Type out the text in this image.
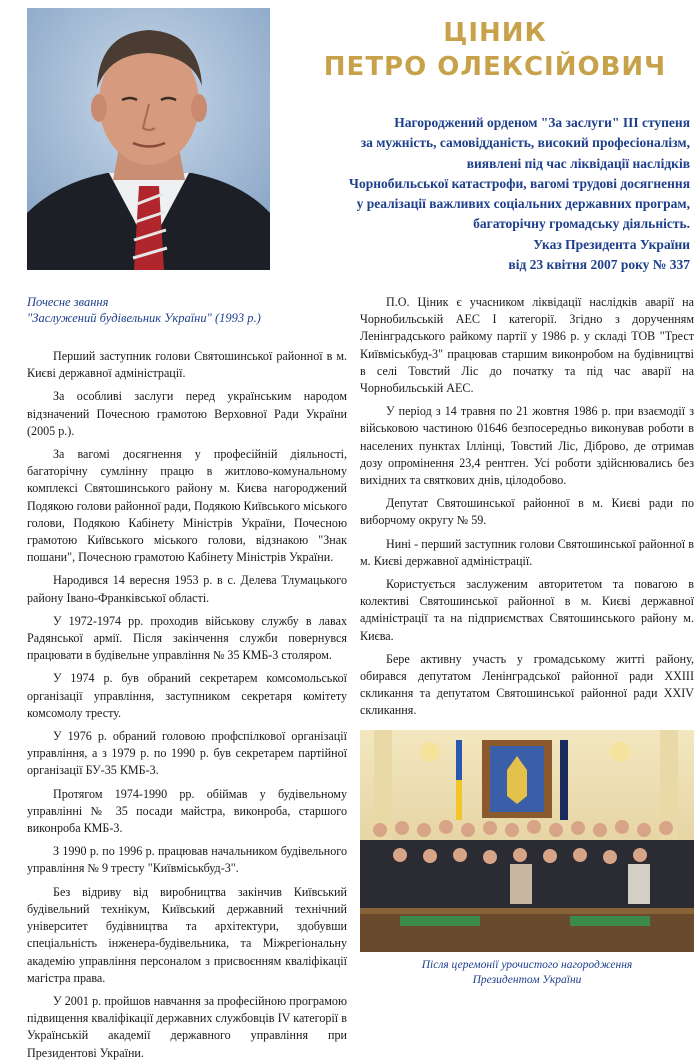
ЦІНИК
ПЕТРО ОЛЕКСІЙОВИЧ
Нагороджений орденом "За заслуги" III ступеня
за мужність, самовідданість, високий професіоналізм,
виявлені під час ліквідації наслідків
Чорнобильської катастрофи, вагомі трудові досягнення
у реалізації важливих соціальних державних програм,
багаторічну громадську діяльність.
Указ Президента України
від 23 квітня 2007 року № 337
Почесне звання
"Заслужений будівельник України" (1993 р.)

Перший заступник голови Святошинської районної в м. Києві державної адміністрації.

За особливі заслуги перед українським народом відзначений Почесною грамотою Верховної Ради України (2005 р.).

За вагомі досягнення у професійній діяльності, багаторічну сумлінну працю в житлово-комунальному комплексі Святошинського району м. Києва нагороджений Подякою голови районної ради, Подякою Київського міського голови, Подякою Кабінету Міністрів України, Почесною грамотою Київського міського голови, відзнакою "Знак пошани", Почесною грамотою Кабінету Міністрів України.

Народився 14 вересня 1953 р. в с. Делева Тлумацького району Івано-Франківської області.

У 1972-1974 рр. проходив військову службу в лавах Радянської армії. Після закінчення служби повернувся працювати в будівельне управління № 35 КМБ-3 столяром.

У 1974 р. був обраний секретарем комсомольської організації управління, заступником секретаря комітету комсомолу тресту.

У 1976 р. обраний головою профспілкової організації управління, а з 1979 р. по 1990 р. був секретарем партійної організації БУ-35 КМБ-3.

Протягом 1974-1990 рр. обіймав у будівельному управлінні № 35 посади майстра, виконроба, старшого виконроба КМБ-3.

З 1990 р. по 1996 р. працював начальником будівельного управління № 9 тресту "Київміськбуд-3".

Без відриву від виробництва закінчив Київський будівельний технікум, Київський державний технічний університет будівництва та архітектури, здобувши спеціальність інженера-будівельника, та Міжрегіональну академію управління персоналом з присвоєнням кваліфікації магістра права.

У 2001 р. пройшов навчання за професійною програмою підвищення кваліфікації державних службовців IV категорії в Українській академії державного управління при Президентові України.

П.О. Ціник є учасником ліквідації наслідків аварії на Чорнобильській АЕС І категорії. Згідно з дорученням Ленінградського райкому партії у 1986 р. у складі ТОВ "Трест Київміськбуд-3" працював старшим виконробом на будівництві в селі Товстий Ліс до початку та під час аварії на Чорнобильській АЕС.

У період з 14 травня по 21 жовтня 1986 р. при взаємодії з військовою частиною 01646 безпосередньо виконував роботи в населених пунктах Іллінці, Товстий Ліс, Діброво, де отримав дозу опромінення 23,4 рентген. Усі роботи здійснювались без вихідних та святкових днів, цілодобово.

Депутат Святошинської районної в м. Києві ради по виборчому округу № 59.

Нині - перший заступник голови Святошинської районної в м. Києві державної адміністрації.

Користується заслуженим авторитетом та повагою в колективі Святошинської районної в м. Києві державної адміністрації та на підприємствах Святошинського району м. Києва.

Бере активну участь у громадському житті району, обирався депутатом Ленінградської районної ради XXIII скликання та депутатом Святошинської районної ради XXIV скликання.

Після церемонії урочистого нагородження
Президентом України
